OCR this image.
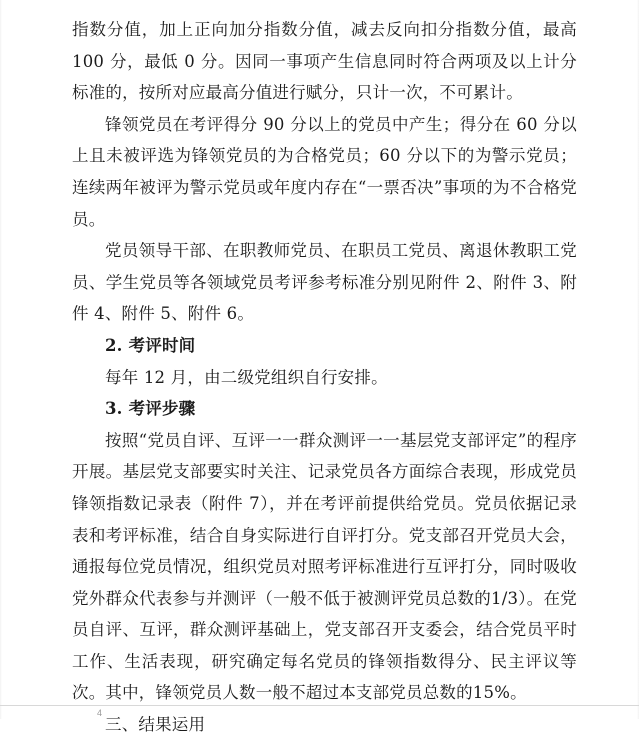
指数分值，加上正向加分指数分值，减去反向扣分指数分值，最高 100 分，最低 0 分。因同一事项产生信息同时符合两项及以上计分标准的，按所对应最高分值进行赋分，只计一次，不可累计。

锋领党员在考评得分 90 分以上的党员中产生；得分在 60 分以上且未被评选为锋领党员的为合格党员；60 分以下的为警示党员；连续两年被评为警示党员或年度内存在“一票否决”事项的为不合格党员。

党员领导干部、在职教师党员、在职员工党员、离退休教职工党员、学生党员等各领域党员考评参考标准分别见附件 2、附件 3、附件 4、附件 5、附件 6。

2. 考评时间

每年 12 月，由二级党组织自行安排。

3. 考评步骤

按照“党员自评、互评一一群众测评一一基层党支部评定”的程序开展。基层党支部要实时关注、记录党员各方面综合表现，形成党员锋领指数记录表（附件 7），并在考评前提供给党员。党员依据记录表和考评标准，结合自身实际进行自评打分。党支部召开党员大会，通报每位党员情况，组织党员对照考评标准进行互评打分，同时吸收党外群众代表参与并测评（一般不低于被测评党员总数的1/3）。在党员自评、互评，群众测评基础上，党支部召开支委会，结合党员平时工作、生活表现，研究确定每名党员的锋领指数得分、民主评议等次。其中，锋领党员人数一般不超过本支部党员总数的15%。

三、结果运用

4
